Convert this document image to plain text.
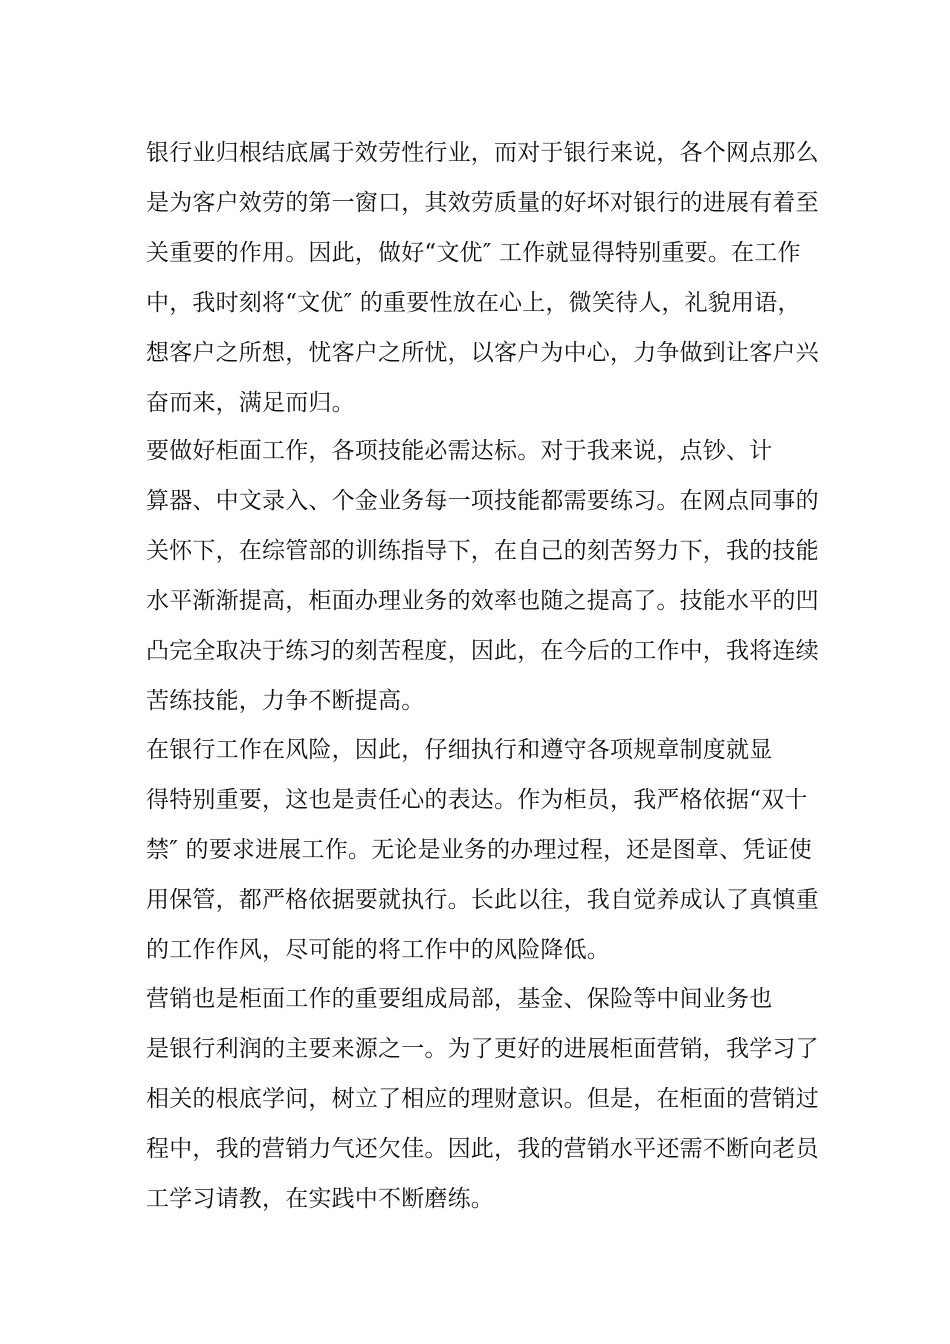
银行业归根结底属于效劳性行业，而对于银行来说，各个网点那么
是为客户效劳的第一窗口，其效劳质量的好坏对银行的进展有着至
关重要的作用。因此，做好“文优″ 工作就显得特别重要。在工作
中，我时刻将“文优″ 的重要性放在心上，微笑待人，礼貌用语，
想客户之所想，忧客户之所忧，以客户为中心，力争做到让客户兴
奋而来，满足而归。
要做好柜面工作，各项技能必需达标。对于我来说，点钞、计
算器、中文录入、个金业务每一项技能都需要练习。在网点同事的
关怀下，在综管部的训练指导下，在自己的刻苦努力下，我的技能
水平渐渐提高，柜面办理业务的效率也随之提高了。技能水平的凹
凸完全取决于练习的刻苦程度，因此，在今后的工作中，我将连续
苦练技能，力争不断提高。
在银行工作在风险，因此，仔细执行和遵守各项规章制度就显
得特别重要，这也是责任心的表达。作为柜员，我严格依据“双十
禁″ 的要求进展工作。无论是业务的办理过程，还是图章、凭证使
用保管，都严格依据要就执行。长此以往，我自觉养成认了真慎重
的工作作风，尽可能的将工作中的风险降低。
营销也是柜面工作的重要组成局部，基金、保险等中间业务也
是银行利润的主要来源之一。为了更好的进展柜面营销，我学习了
相关的根底学问，树立了相应的理财意识。但是，在柜面的营销过
程中，我的营销力气还欠佳。因此，我的营销水平还需不断向老员
工学习请教，在实践中不断磨练。
